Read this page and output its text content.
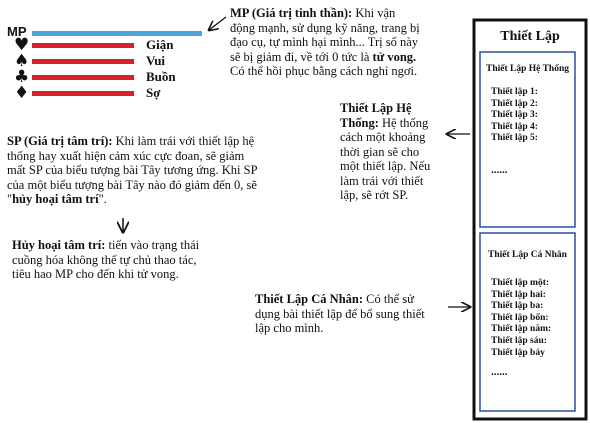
MP
♥	Giận
♠	Vui
♣	Buồn
♦	Sợ
MP (Giá trị tinh thần): Khi vận
động mạnh, sử dụng kỹ năng, trang bị
đạo cụ, tự mình hại mình... Trị số này
sẽ bị giảm đi, về tới 0 tức là tử vong.
Có thể hồi phục bằng cách nghỉ ngơi.
SP (Giá trị tâm trí): Khi làm trái với thiết lập hệ
thống hay xuất hiện cảm xúc cực đoan, sẽ giảm
mất SP của biểu tượng bài Tây tương ứng. Khi SP
của một biểu tượng bài Tây nào đó giảm đến 0, sẽ
"hủy hoại tâm trí".
Hủy hoại tâm trí: tiến vào trạng thái
cuồng hóa không thể tự chủ thao tác,
tiêu hao MP cho đến khi tử vong.
Thiết Lập Hệ
Thống: Hệ thống
cách một khoảng
thời gian sẽ cho
một thiết lập. Nếu
làm trái với thiết
lập, sẽ rớt SP.
Thiết Lập Cá Nhân: Có thể sử
dụng bài thiết lập để bổ sung thiết
lập cho mình.
Thiết Lập
Thiết Lập Hệ Thống
Thiết lập 1:
Thiết lập 2:
Thiết lập 3:
Thiết lập 4:
Thiết lập 5:
......
Thiết Lập Cá Nhân
Thiết lập một:
Thiết lập hai:
Thiết lập ba:
Thiết lập bốn:
Thiết lập năm:
Thiết lập sáu:
Thiết lập bảy
......
